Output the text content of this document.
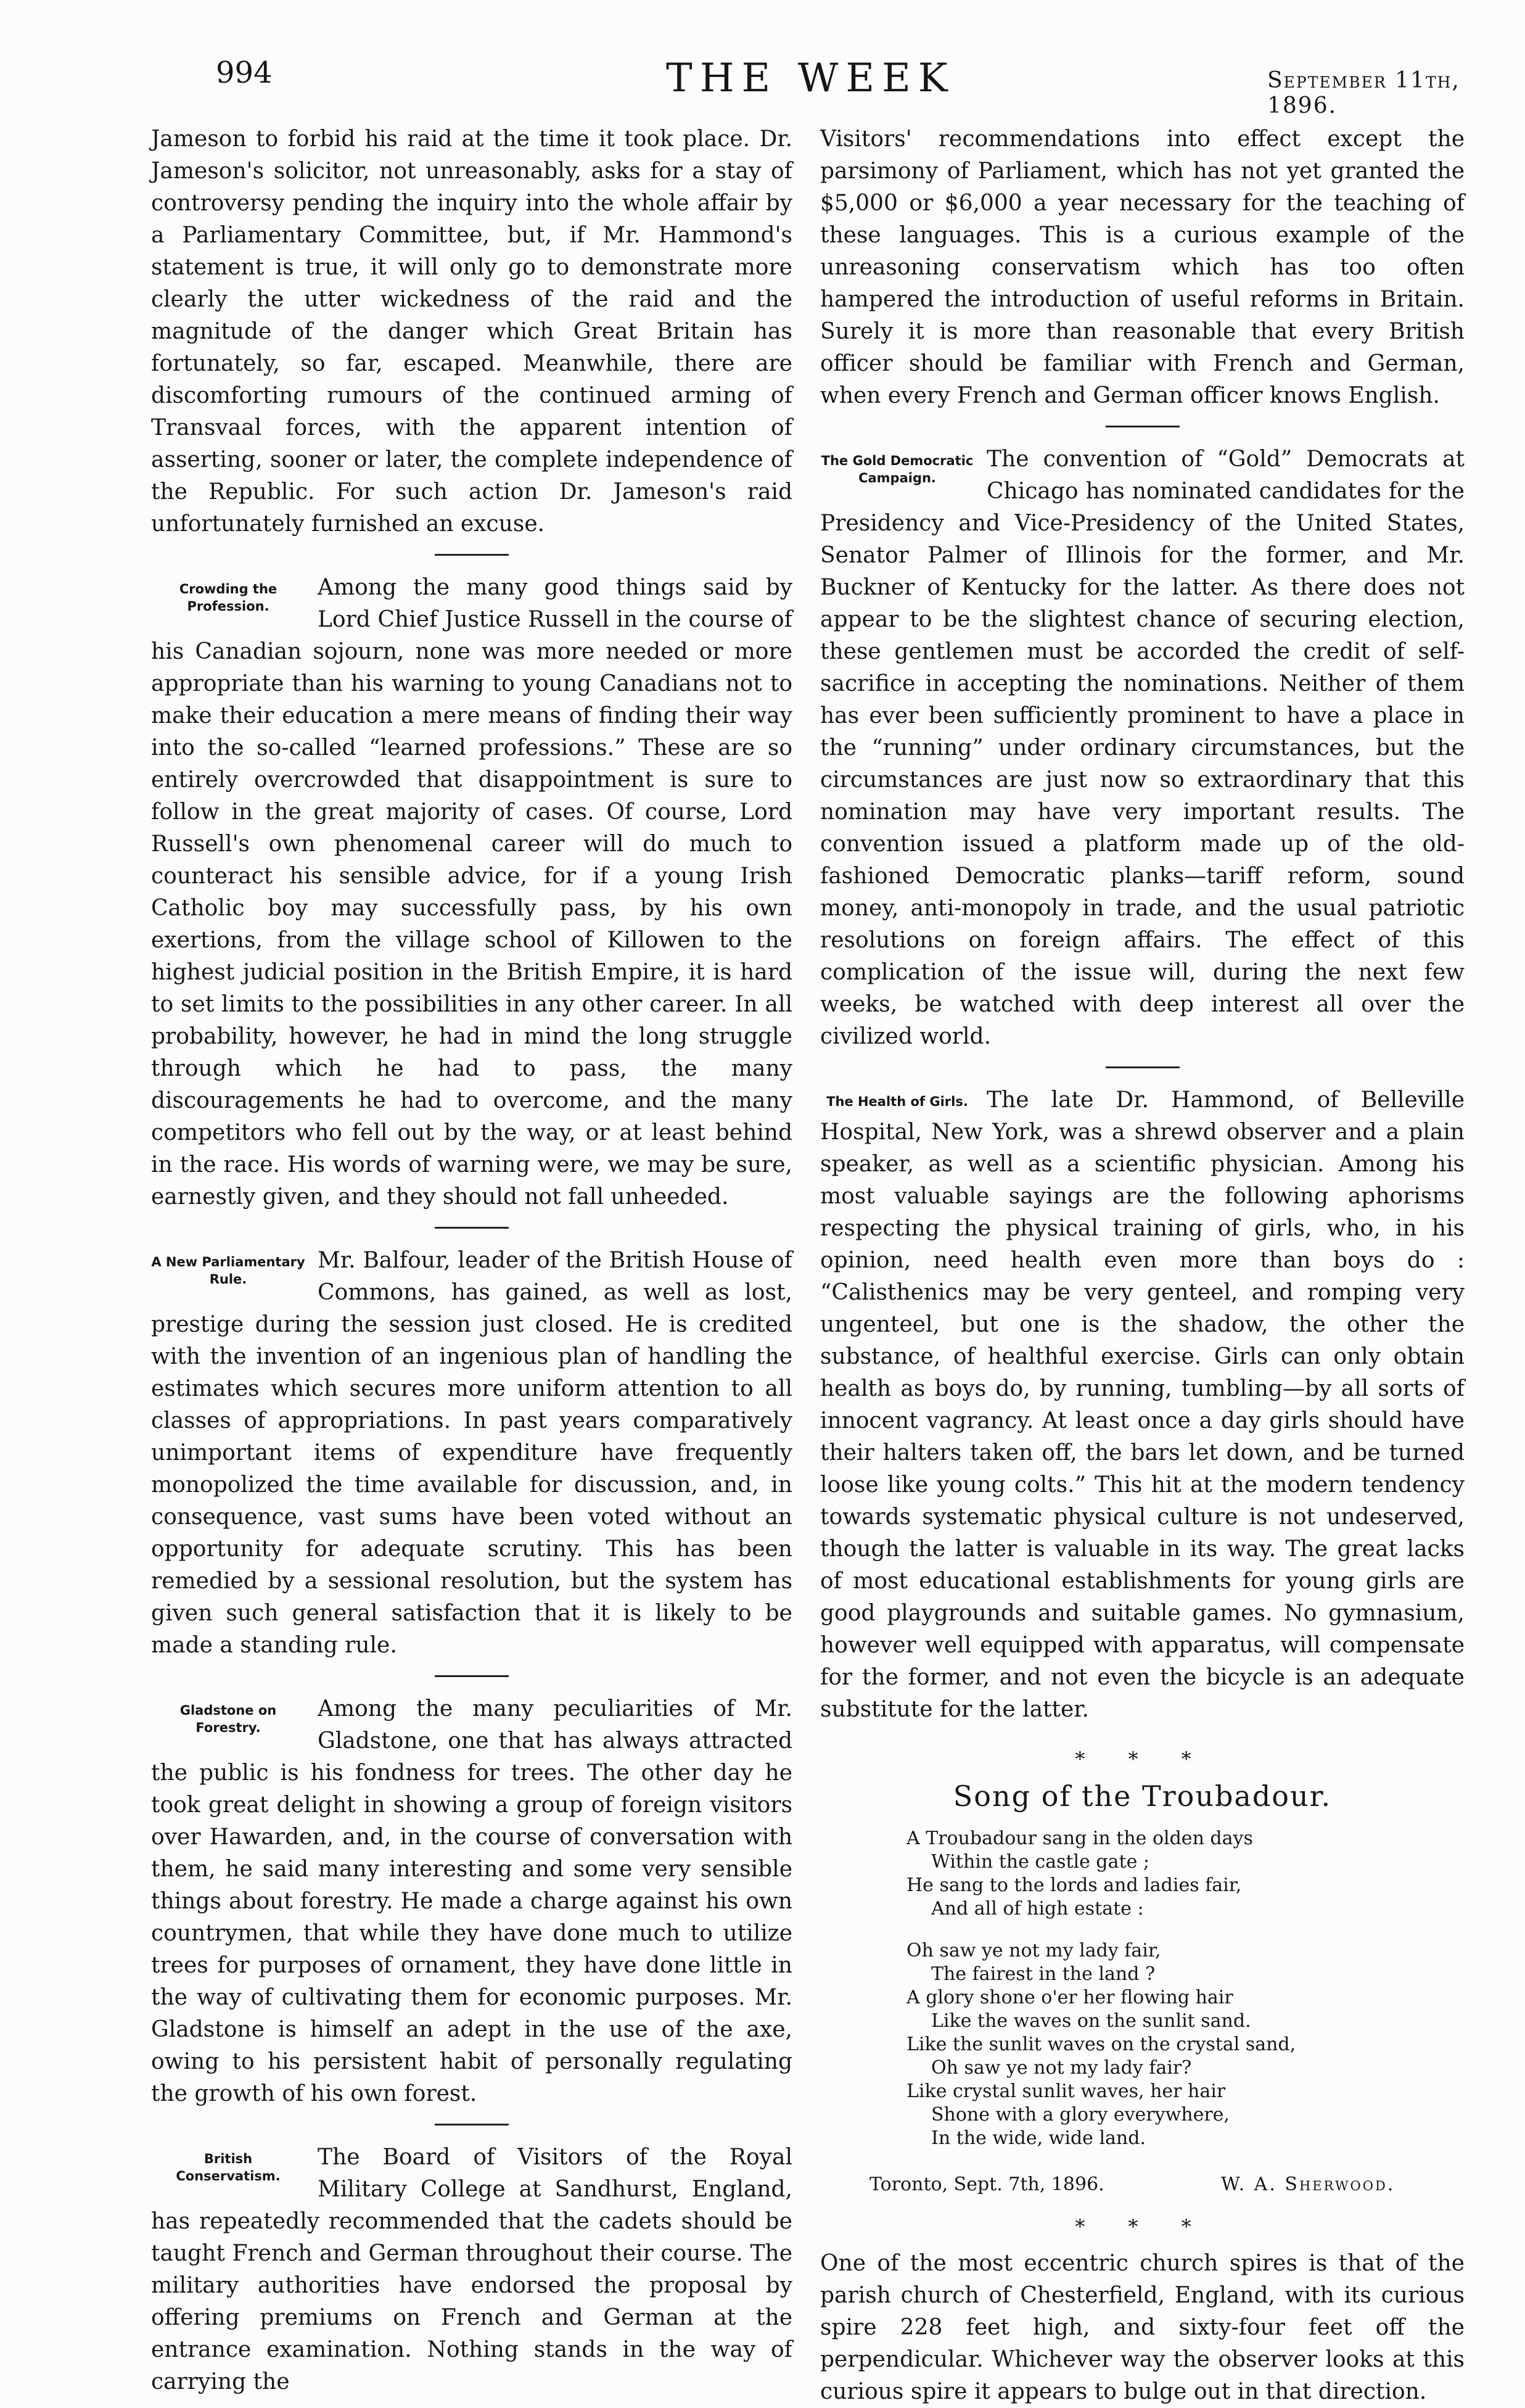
994	THE WEEK	September 11th, 1896.

Jameson to forbid his raid at the time it took place. Dr. Jameson's solicitor, not unreasonably, asks for a stay of controversy pending the inquiry into the whole affair by a Parliamentary Committee, but, if Mr. Hammond's statement is true, it will only go to demonstrate more clearly the utter wickedness of the raid and the magnitude of the danger which Great Britain has fortunately, so far, escaped. Meanwhile, there are discomforting rumours of the continued arming of Transvaal forces, with the apparent intention of asserting, sooner or later, the complete independence of the Republic. For such action Dr. Jameson's raid unfortunately furnished an excuse.

Crowding the Profession.

Among the many good things said by Lord Chief Justice Russell in the course of his Canadian sojourn, none was more needed or more appropriate than his warning to young Canadians not to make their education a mere means of finding their way into the so-called “learned professions.” These are so entirely overcrowded that disappointment is sure to follow in the great majority of cases. Of course, Lord Russell's own phenomenal career will do much to counteract his sensible advice, for if a young Irish Catholic boy may successfully pass, by his own exertions, from the village school of Killowen to the highest judicial position in the British Empire, it is hard to set limits to the possibilities in any other career. In all probability, however, he had in mind the long struggle through which he had to pass, the many discouragements he had to overcome, and the many competitors who fell out by the way, or at least behind in the race. His words of warning were, we may be sure, earnestly given, and they should not fall unheeded.

A New Parliamentary Rule.

Mr. Balfour, leader of the British House of Commons, has gained, as well as lost, prestige during the session just closed. He is credited with the invention of an ingenious plan of handling the estimates which secures more uniform attention to all classes of appropriations. In past years comparatively unimportant items of expenditure have frequently monopolized the time available for discussion, and, in consequence, vast sums have been voted without an opportunity for adequate scrutiny. This has been remedied by a sessional resolution, but the system has given such general satisfaction that it is likely to be made a standing rule.

Gladstone on Forestry.

Among the many peculiarities of Mr. Gladstone, one that has always attracted the public is his fondness for trees. The other day he took great delight in showing a group of foreign visitors over Hawarden, and, in the course of conversation with them, he said many interesting and some very sensible things about forestry. He made a charge against his own countrymen, that while they have done much to utilize trees for purposes of ornament, they have done little in the way of cultivating them for economic purposes. Mr. Gladstone is himself an adept in the use of the axe, owing to his persistent habit of personally regulating the growth of his own forest.

British Conservatism.

The Board of Visitors of the Royal Military College at Sandhurst, England, has repeatedly recommended that the cadets should be taught French and German throughout their course. The military authorities have endorsed the proposal by offering premiums on French and German at the entrance examination. Nothing stands in the way of carrying the

Visitors' recommendations into effect except the parsimony of Parliament, which has not yet granted the $5,000 or $6,000 a year necessary for the teaching of these languages. This is a curious example of the unreasoning conservatism which has too often hampered the introduction of useful reforms in Britain. Surely it is more than reasonable that every British officer should be familiar with French and German, when every French and German officer knows English.

The Gold Democratic Campaign.

The convention of “Gold” Democrats at Chicago has nominated candidates for the Presidency and Vice-Presidency of the United States, Senator Palmer of Illinois for the former, and Mr. Buckner of Kentucky for the latter. As there does not appear to be the slightest chance of securing election, these gentlemen must be accorded the credit of self-sacrifice in accepting the nominations. Neither of them has ever been sufficiently prominent to have a place in the “running” under ordinary circumstances, but the circumstances are just now so extraordinary that this nomination may have very important results. The convention issued a platform made up of the old-fashioned Democratic planks—tariff reform, sound money, anti-monopoly in trade, and the usual patriotic resolutions on foreign affairs. The effect of this complication of the issue will, during the next few weeks, be watched with deep interest all over the civilized world.

The Health of Girls. The late Dr. Hammond, of Belleville Hospital, New York, was a shrewd observer and a plain speaker, as well as a scientific physician. Among his most valuable sayings are the following aphorisms respecting the physical training of girls, who, in his opinion, need health even more than boys do : “Calisthenics may be very genteel, and romping very ungenteel, but one is the shadow, the other the substance, of healthful exercise. Girls can only obtain health as boys do, by running, tumbling—by all sorts of innocent vagrancy. At least once a day girls should have their halters taken off, the bars let down, and be turned loose like young colts.” This hit at the modern tendency towards systematic physical culture is not undeserved, though the latter is valuable in its way. The great lacks of most educational establishments for young girls are good playgrounds and suitable games. No gymnasium, however well equipped with apparatus, will compensate for the former, and not even the bicycle is an adequate substitute for the latter.

* * *
Song of the Troubadour.
A Troubadour sang in the olden days
Within the castle gate ;
He sang to the lords and ladies fair,
And all of high estate :
Oh saw ye not my lady fair,
The fairest in the land ?
A glory shone o'er her flowing hair
Like the waves on the sunlit sand.
Like the sunlit waves on the crystal sand,
Oh saw ye not my lady fair?
Like crystal sunlit waves, her hair
Shone with a glory everywhere,
In the wide, wide land.
Toronto, Sept. 7th, 1896.	W. A. Sherwood.
* * *

One of the most eccentric church spires is that of the parish church of Chesterfield, England, with its curious spire 228 feet high, and sixty-four feet off the perpendicular. Whichever way the observer looks at this curious spire it appears to bulge out in that direction.
